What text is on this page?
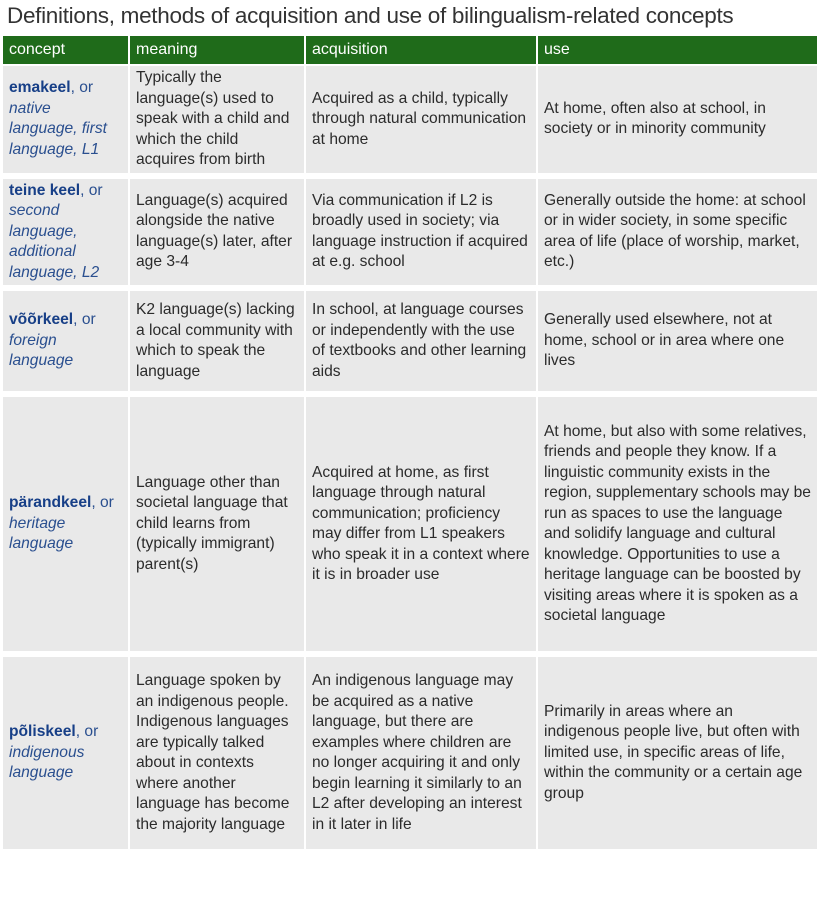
Definitions, methods of acquisition and use of bilingualism-related concepts
concept	meaning	acquisition	use
emakeel, or native language, first language, L1	Typically the language(s) used to speak with a child and which the child acquires from birth	Acquired as a child, typically through natural communication at home	At home, often also at school, in society or in minority community
teine keel, or second language, additional language, L2	Language(s) acquired alongside the native language(s) later, after age 3-4	Via communication if L2 is broadly used in society; via language instruction if acquired at e.g. school	Generally outside the home: at school or in wider society, in some specific area of life (place of worship, market, etc.)
võõrkeel, or foreign language	K2 language(s) lacking a local community with which to speak the language	In school, at language courses or independently with the use of textbooks and other learning aids	Generally used elsewhere, not at home, school or in area where one lives
pärandkeel, or heritage language	Language other than societal language that child learns from (typically immigrant) parent(s)	Acquired at home, as first language through natural communication; proficiency may differ from L1 speakers who speak it in a context where it is in broader use	At home, but also with some relatives, friends and people they know. If a linguistic community exists in the region, supplementary schools may be run as spaces to use the language and solidify language and cultural knowledge. Opportunities to use a heritage language can be boosted by visiting areas where it is spoken as a societal language
põliskeel, or indigenous language	Language spoken by an indigenous people. Indigenous languages are typically talked about in contexts where another language has become the majority language	An indigenous language may be acquired as a native language, but there are examples where children are no longer acquiring it and only begin learning it similarly to an L2 after developing an interest in it later in life	Primarily in areas where an indigenous people live, but often with limited use, in specific areas of life, within the community or a certain age group
